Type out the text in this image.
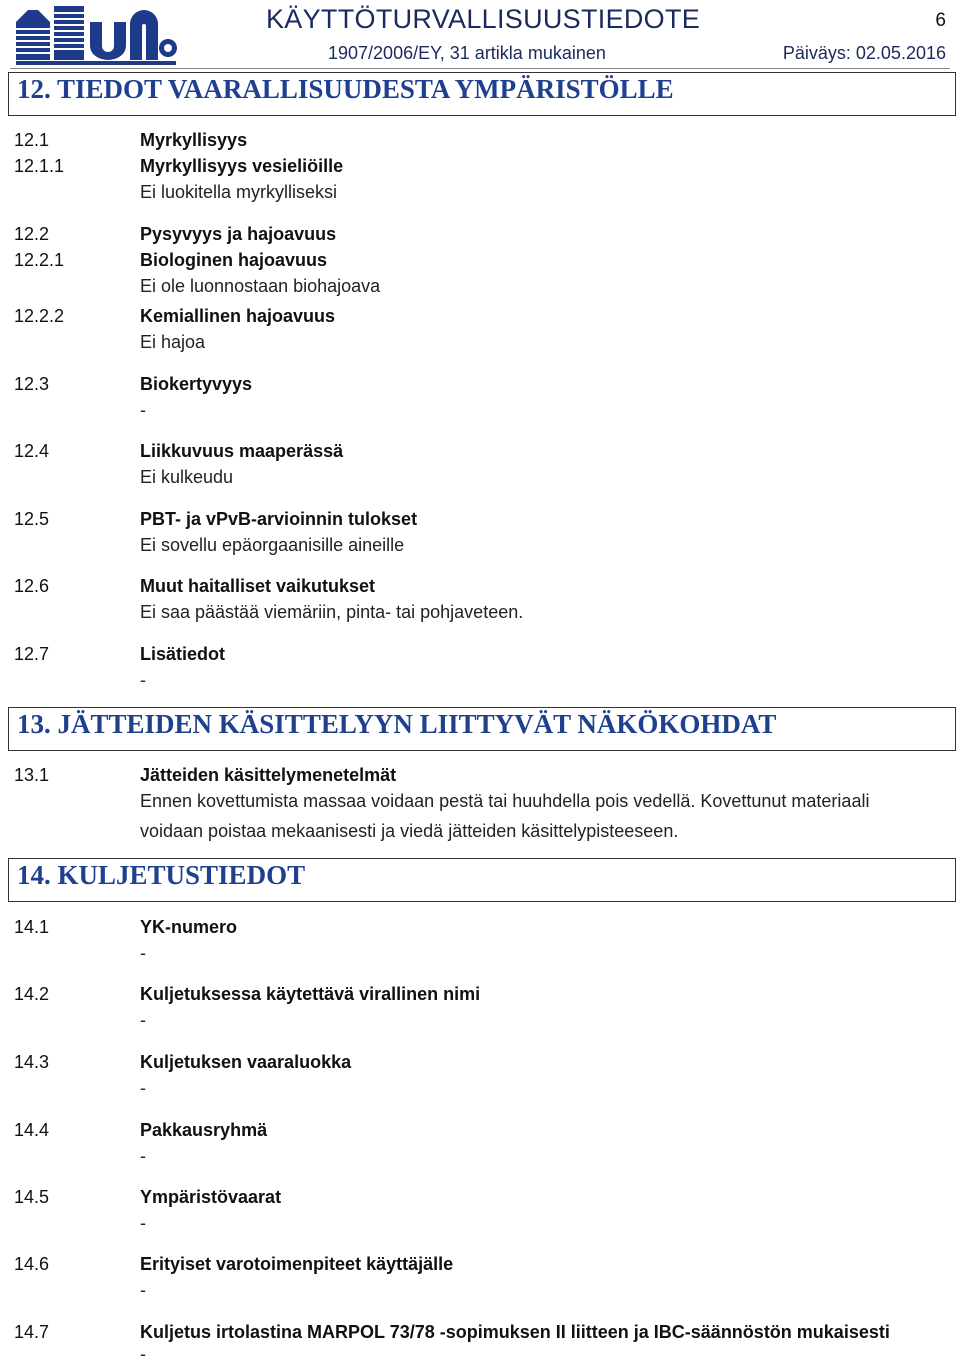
KÄYTTÖTURVALLISUUSTIEDOTE	6
1907/2006/EY, 31 artikla mukainen	Päiväys: 02.05.2016
12. TIEDOT VAARALLISUUDESTA YMPÄRISTÖLLE
12.1	Myrkyllisyys
12.1.1	Myrkyllisyys vesieliöille
Ei luokitella myrkylliseksi
12.2	Pysyvyys ja hajoavuus
12.2.1	Biologinen hajoavuus
Ei ole luonnostaan biohajoava
12.2.2	Kemiallinen hajoavuus
Ei hajoa
12.3	Biokertyvyys
-
12.4	Liikkuvuus maaperässä
Ei kulkeudu
12.5	PBT- ja vPvB-arvioinnin tulokset
Ei sovellu epäorgaanisille aineille
12.6	Muut haitalliset vaikutukset
Ei saa päästää viemäriin, pinta- tai pohjaveteen.
12.7	Lisätiedot
-
13. JÄTTEIDEN KÄSITTELYYN LIITTYVÄT NÄKÖKOHDAT
13.1	Jätteiden käsittelymenetelmät
Ennen kovettumista massaa voidaan pestä tai huuhdella pois vedellä. Kovettunut materiaali
voidaan poistaa mekaanisesti ja viedä jätteiden käsittelypisteeseen.
14. KULJETUSTIEDOT
14.1	YK-numero
-
14.2	Kuljetuksessa käytettävä virallinen nimi
-
14.3	Kuljetuksen vaaraluokka
-
14.4	Pakkausryhmä
-
14.5	Ympäristövaarat
-
14.6	Erityiset varotoimenpiteet käyttäjälle
-
14.7	Kuljetus irtolastina MARPOL 73/78 -sopimuksen II liitteen ja IBC-säännöstön mukaisesti
-
